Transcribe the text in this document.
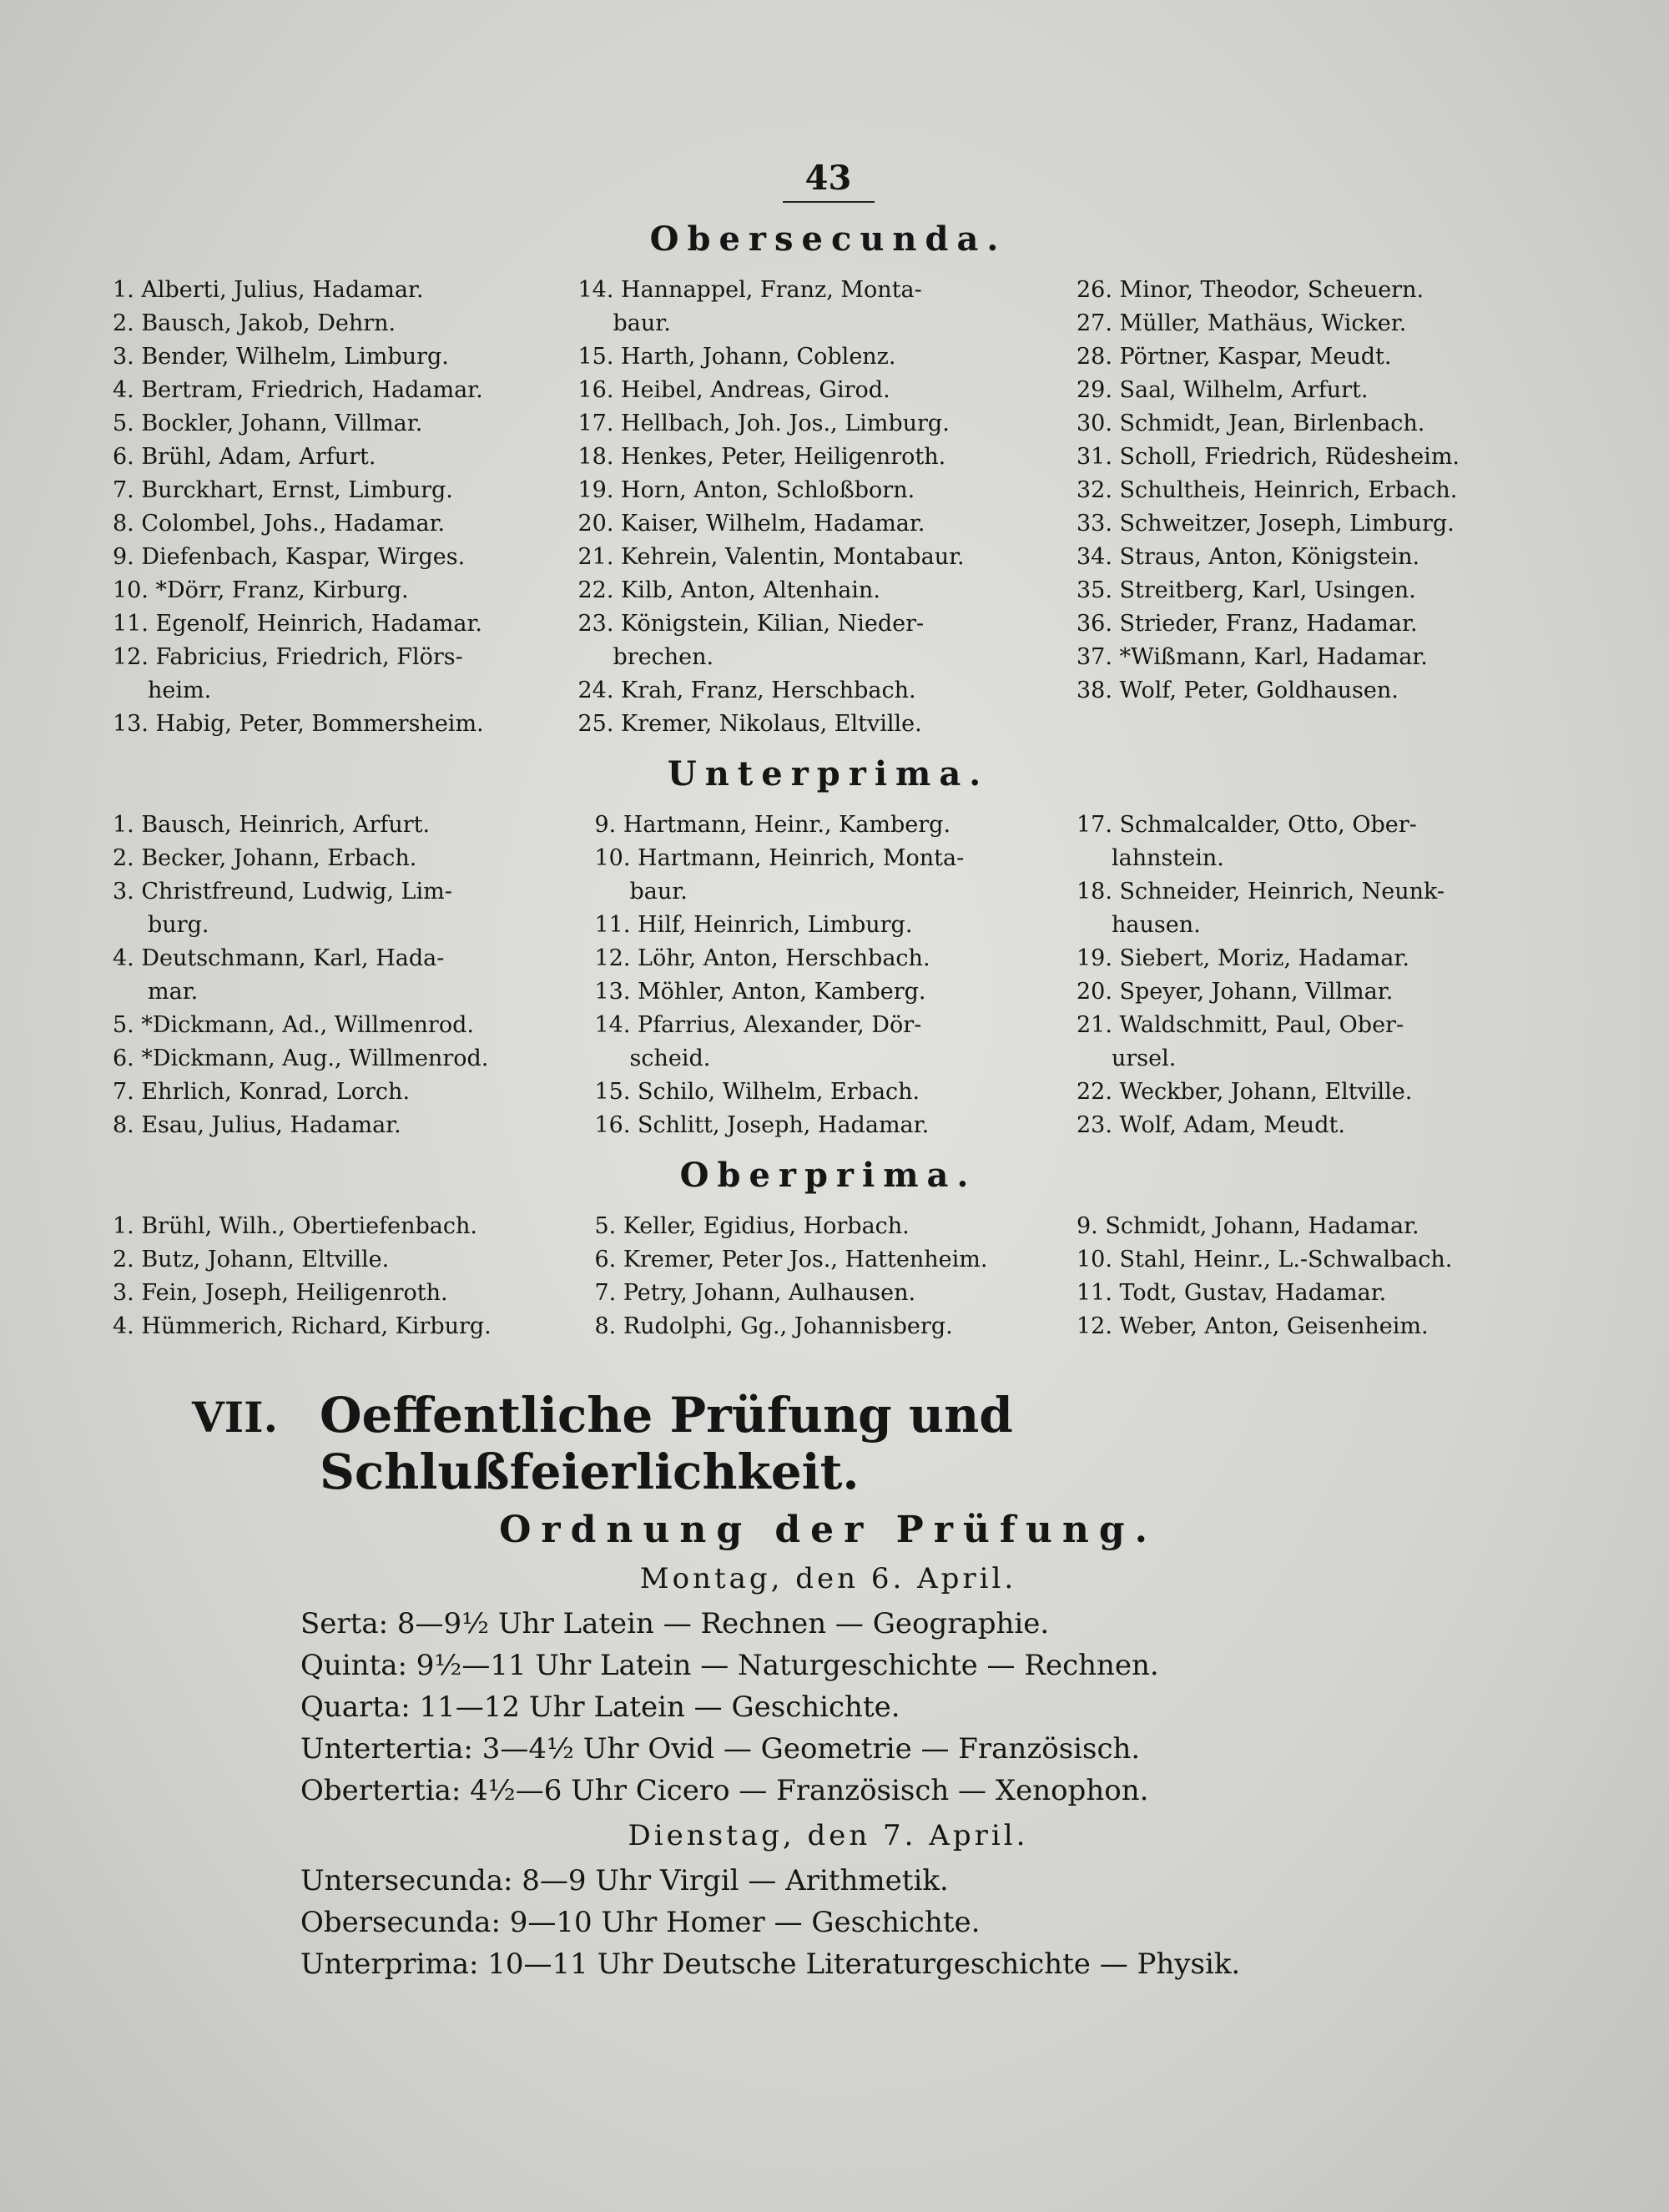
43
Obersecunda.
1. Alberti, Julius, Hadamar.
2. Bausch, Jakob, Dehrn.
3. Bender, Wilhelm, Limburg.
4. Bertram, Friedrich, Hadamar.
5. Bockler, Johann, Villmar.
6. Brühl, Adam, Arfurt.
7. Burckhart, Ernst, Limburg.
8. Colombel, Johs., Hadamar.
9. Diefenbach, Kaspar, Wirges.
10. *Dörr, Franz, Kirburg.
11. Egenolf, Heinrich, Hadamar.
12. Fabricius, Friedrich, Flörs-
heim.
13. Habig, Peter, Bommersheim.
14. Hannappel, Franz, Monta-
baur.
15. Harth, Johann, Coblenz.
16. Heibel, Andreas, Girod.
17. Hellbach, Joh. Jos., Limburg.
18. Henkes, Peter, Heiligenroth.
19. Horn, Anton, Schloßborn.
20. Kaiser, Wilhelm, Hadamar.
21. Kehrein, Valentin, Montabaur.
22. Kilb, Anton, Altenhain.
23. Königstein, Kilian, Nieder-
brechen.
24. Krah, Franz, Herschbach.
25. Kremer, Nikolaus, Eltville.
26. Minor, Theodor, Scheuern.
27. Müller, Mathäus, Wicker.
28. Pörtner, Kaspar, Meudt.
29. Saal, Wilhelm, Arfurt.
30. Schmidt, Jean, Birlenbach.
31. Scholl, Friedrich, Rüdesheim.
32. Schultheis, Heinrich, Erbach.
33. Schweitzer, Joseph, Limburg.
34. Straus, Anton, Königstein.
35. Streitberg, Karl, Usingen.
36. Strieder, Franz, Hadamar.
37. *Wißmann, Karl, Hadamar.
38. Wolf, Peter, Goldhausen.
Unterprima.
1. Bausch, Heinrich, Arfurt.
2. Becker, Johann, Erbach.
3. Christfreund, Ludwig, Lim-
burg.
4. Deutschmann, Karl, Hada-
mar.
5. *Dickmann, Ad., Willmenrod.
6. *Dickmann, Aug., Willmenrod.
7. Ehrlich, Konrad, Lorch.
8. Esau, Julius, Hadamar.
9. Hartmann, Heinr., Kamberg.
10. Hartmann, Heinrich, Monta-
baur.
11. Hilf, Heinrich, Limburg.
12. Löhr, Anton, Herschbach.
13. Möhler, Anton, Kamberg.
14. Pfarrius, Alexander, Dör-
scheid.
15. Schilo, Wilhelm, Erbach.
16. Schlitt, Joseph, Hadamar.
17. Schmalcalder, Otto, Ober-
lahnstein.
18. Schneider, Heinrich, Neunk-
hausen.
19. Siebert, Moriz, Hadamar.
20. Speyer, Johann, Villmar.
21. Waldschmitt, Paul, Ober-
ursel.
22. Weckber, Johann, Eltville.
23. Wolf, Adam, Meudt.
Oberprima.
1. Brühl, Wilh., Obertiefenbach.
2. Butz, Johann, Eltville.
3. Fein, Joseph, Heiligenroth.
4. Hümmerich, Richard, Kirburg.
5. Keller, Egidius, Horbach.
6. Kremer, Peter Jos., Hattenheim.
7. Petry, Johann, Aulhausen.
8. Rudolphi, Gg., Johannisberg.
9. Schmidt, Johann, Hadamar.
10. Stahl, Heinr., L.-Schwalbach.
11. Todt, Gustav, Hadamar.
12. Weber, Anton, Geisenheim.
VII. Oeffentliche Prüfung und Schlußfeierlichkeit.
Ordnung der Prüfung.
Montag, den 6. April.
Serta: 8—9½ Uhr Latein — Rechnen — Geographie.
Quinta: 9½—11 Uhr Latein — Naturgeschichte — Rechnen.
Quarta: 11—12 Uhr Latein — Geschichte.
Untertertia: 3—4½ Uhr Ovid — Geometrie — Französisch.
Obertertia: 4½—6 Uhr Cicero — Französisch — Xenophon.
Dienstag, den 7. April.
Untersecunda: 8—9 Uhr Virgil — Arithmetik.
Obersecunda: 9—10 Uhr Homer — Geschichte.
Unterprima: 10—11 Uhr Deutsche Literaturgeschichte — Physik.
